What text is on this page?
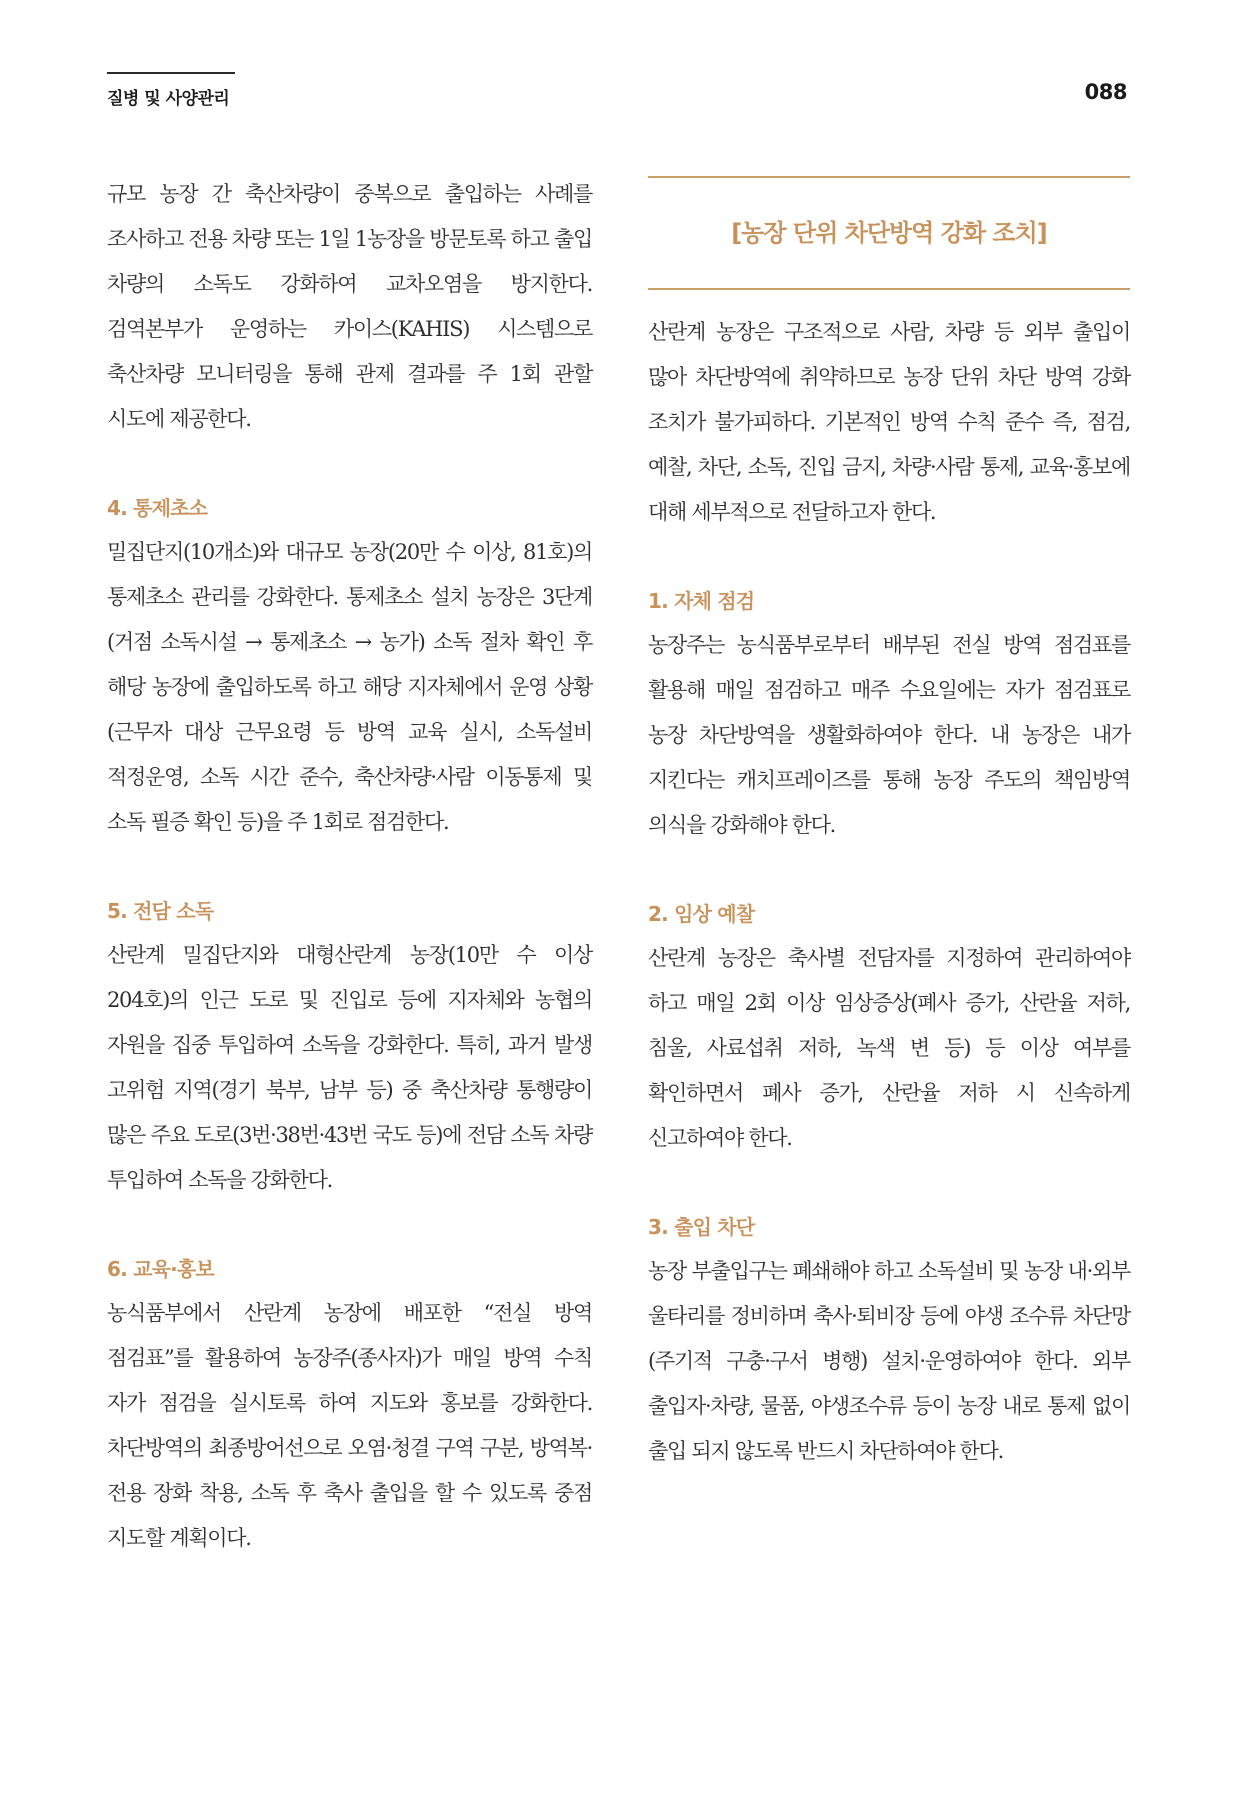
질병 및 사양관리	088

규모 농장 간 축산차량이 중복으로 출입하는 사례를 조사하고 전용 차량 또는 1일 1농장을 방문토록 하고 출입 차량의 소독도 강화하여 교차오염을 방지한다. 검역본부가 운영하는 카이스(KAHIS) 시스템으로 축산차량 모니터링을 통해 관제 결과를 주 1회 관할 시도에 제공한다.

4. 통제초소

밀집단지(10개소)와 대규모 농장(20만 수 이상, 81호)의 통제초소 관리를 강화한다. 통제초소 설치 농장은 3단계(거점 소독시설 → 통제초소 → 농가) 소독 절차 확인 후 해당 농장에 출입하도록 하고 해당 지자체에서 운영 상황(근무자 대상 근무요령 등 방역 교육 실시, 소독설비 적정운영, 소독 시간 준수, 축산차량·사람 이동통제 및 소독 필증 확인 등)을 주 1회로 점검한다.

5. 전담 소독

산란계 밀집단지와 대형산란계 농장(10만 수 이상 204호)의 인근 도로 및 진입로 등에 지자체와 농협의 자원을 집중 투입하여 소독을 강화한다. 특히, 과거 발생 고위험 지역(경기 북부, 남부 등) 중 축산차량 통행량이 많은 주요 도로(3번·38번·43번 국도 등)에 전담 소독 차량 투입하여 소독을 강화한다.

6. 교육·홍보

농식품부에서 산란계 농장에 배포한 “전실 방역 점검표”를 활용하여 농장주(종사자)가 매일 방역 수칙 자가 점검을 실시토록 하여 지도와 홍보를 강화한다. 차단방역의 최종방어선으로 오염·청결 구역 구분, 방역복·전용 장화 착용, 소독 후 축사 출입을 할 수 있도록 중점 지도할 계획이다.

[농장 단위 차단방역 강화 조치]

산란계 농장은 구조적으로 사람, 차량 등 외부 출입이 많아 차단방역에 취약하므로 농장 단위 차단 방역 강화 조치가 불가피하다. 기본적인 방역 수칙 준수 즉, 점검, 예찰, 차단, 소독, 진입 금지, 차량·사람 통제, 교육·홍보에 대해 세부적으로 전달하고자 한다.

1. 자체 점검

농장주는 농식품부로부터 배부된 전실 방역 점검표를 활용해 매일 점검하고 매주 수요일에는 자가 점검표로 농장 차단방역을 생활화하여야 한다. 내 농장은 내가 지킨다는 캐치프레이즈를 통해 농장 주도의 책임방역 의식을 강화해야 한다.

2. 임상 예찰

산란계 농장은 축사별 전담자를 지정하여 관리하여야 하고 매일 2회 이상 임상증상(폐사 증가, 산란율 저하, 침울, 사료섭취 저하, 녹색 변 등) 등 이상 여부를 확인하면서 폐사 증가, 산란율 저하 시 신속하게 신고하여야 한다.

3. 출입 차단

농장 부출입구는 폐쇄해야 하고 소독설비 및 농장 내·외부 울타리를 정비하며 축사·퇴비장 등에 야생 조수류 차단망(주기적 구충·구서 병행) 설치·운영하여야 한다. 외부 출입자·차량, 물품, 야생조수류 등이 농장 내로 통제 없이 출입 되지 않도록 반드시 차단하여야 한다.
